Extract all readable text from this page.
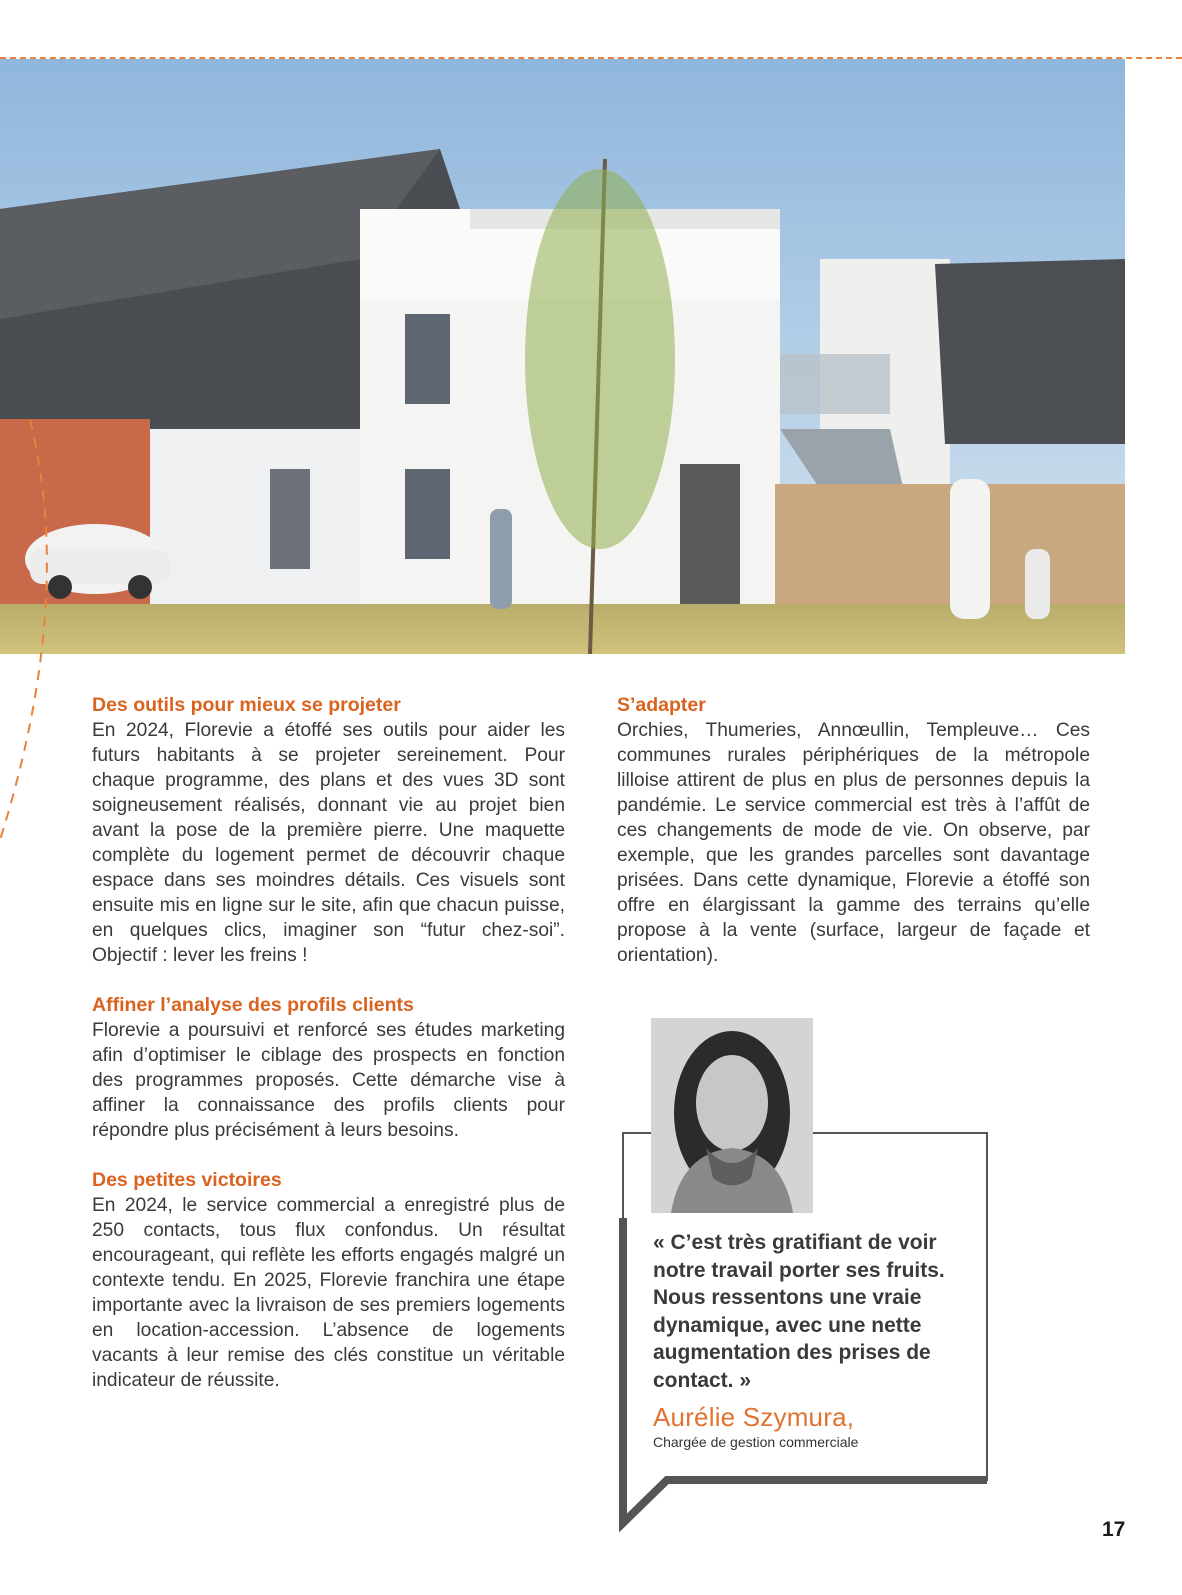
Des outils pour mieux se projeter

En 2024, Florevie a étoffé ses outils pour aider les futurs habitants à se projeter sereinement. Pour chaque programme, des plans et des vues 3D sont soigneusement réalisés, donnant vie au projet bien avant la pose de la première pierre. Une maquette complète du logement permet de découvrir chaque espace dans ses moindres détails. Ces visuels sont ensuite mis en ligne sur le site, afin que chacun puisse, en quelques clics, imaginer son “futur chez-soi”. Objectif : lever les freins !

Affiner l’analyse des profils clients

Florevie a poursuivi et renforcé ses études marketing afin d’optimiser le ciblage des prospects en fonction des programmes proposés. Cette démarche vise à affiner la connaissance des profils clients pour répondre plus précisément à leurs besoins.

Des petites victoires

En 2024, le service commercial a enregistré plus de 250 contacts, tous flux confondus. Un résultat encourageant, qui reflète les efforts engagés malgré un contexte tendu. En 2025, Florevie franchira une étape importante avec la livraison de ses premiers logements en location-accession. L’absence de logements vacants à leur remise des clés constitue un véritable indicateur de réussite.

S’adapter

Orchies, Thumeries, Annœullin, Templeuve… Ces communes rurales périphériques de la métropole lilloise attirent de plus en plus de personnes depuis la pandémie. Le service commercial est très à l’affût de ces changements de mode de vie. On observe, par exemple, que les grandes parcelles sont davantage prisées. Dans cette dynamique, Florevie a étoffé son offre en élargissant la gamme des terrains qu’elle propose à la vente (surface, largeur de façade et orientation).

« C’est très gratifiant de voir notre travail porter ses fruits. Nous ressentons une vraie dynamique, avec une nette augmentation des prises de contact. »
Aurélie Szymura,
Chargée de gestion commerciale
17
